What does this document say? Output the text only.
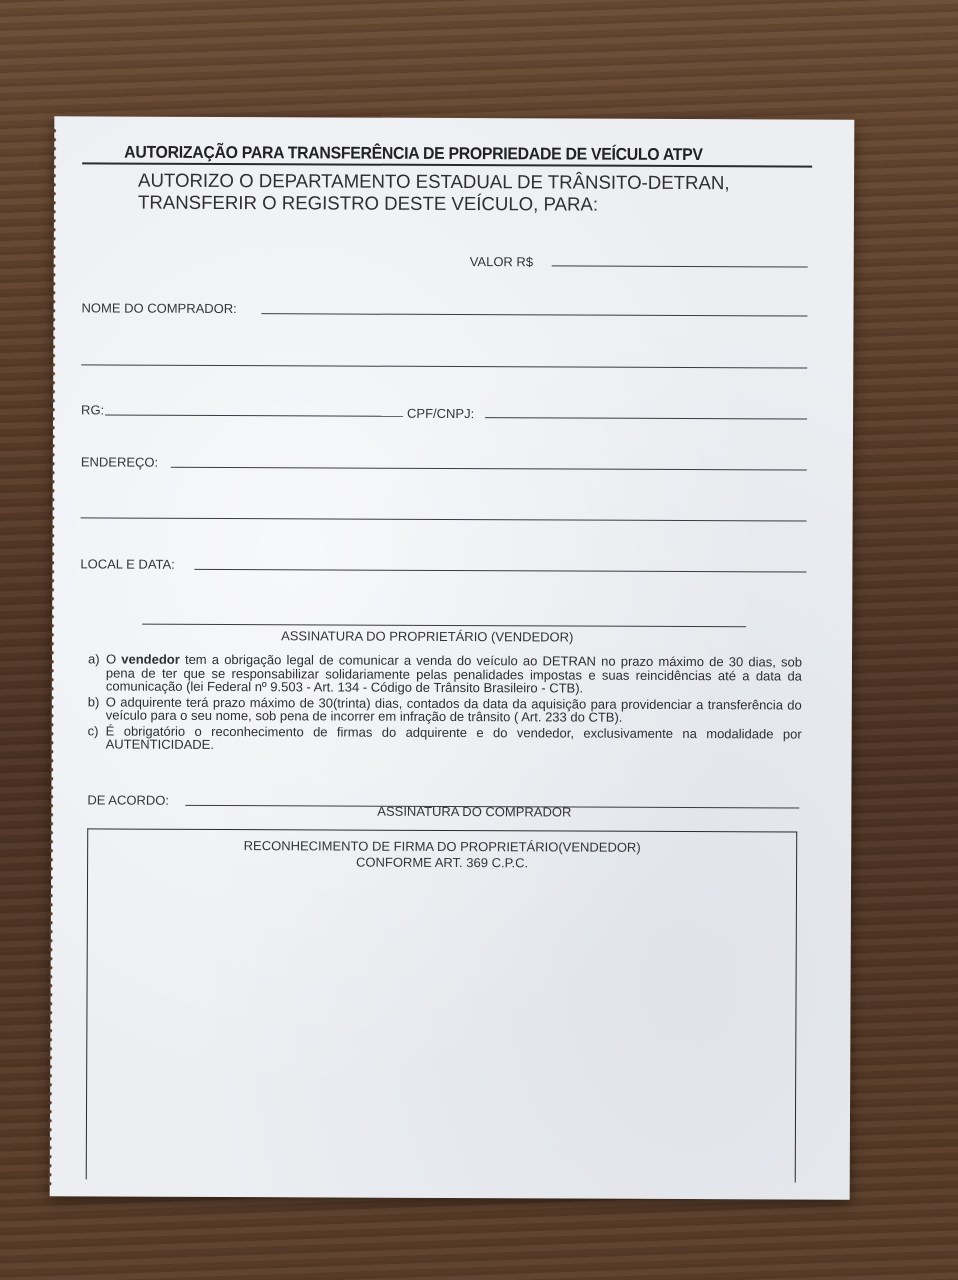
AUTORIZAÇÃO PARA TRANSFERÊNCIA DE PROPRIEDADE DE VEÍCULO ATPV
AUTORIZO O DEPARTAMENTO ESTADUAL DE TRÂNSITO-DETRAN,
TRANSFERIR O REGISTRO DESTE VEÍCULO, PARA:
VALOR R$
NOME DO COMPRADOR:
RG:	CPF/CNPJ:
ENDEREÇO:
LOCAL E DATA:
ASSINATURA DO PROPRIETÁRIO (VENDEDOR)
a) O vendedor tem a obrigação legal de comunicar a venda do veículo ao DETRAN no prazo máximo de 30 dias, sob pena de ter que se responsabilizar solidariamente pelas penalidades impostas e suas reincidências até a data da comunicação (lei Federal nº 9.503 - Art. 134 - Código de Trânsito Brasileiro - CTB).
b) O adquirente terá prazo máximo de 30(trinta) dias, contados da data da aquisição para providenciar a transferência do veículo para o seu nome, sob pena de incorrer em infração de trânsito ( Art. 233 do CTB).
c) É obrigatório o reconhecimento de firmas do adquirente e do vendedor, exclusivamente na modalidade por AUTENTICIDADE.
DE ACORDO:
ASSINATURA DO COMPRADOR
RECONHECIMENTO DE FIRMA DO PROPRIETÁRIO(VENDEDOR)
CONFORME ART. 369 C.P.C.
